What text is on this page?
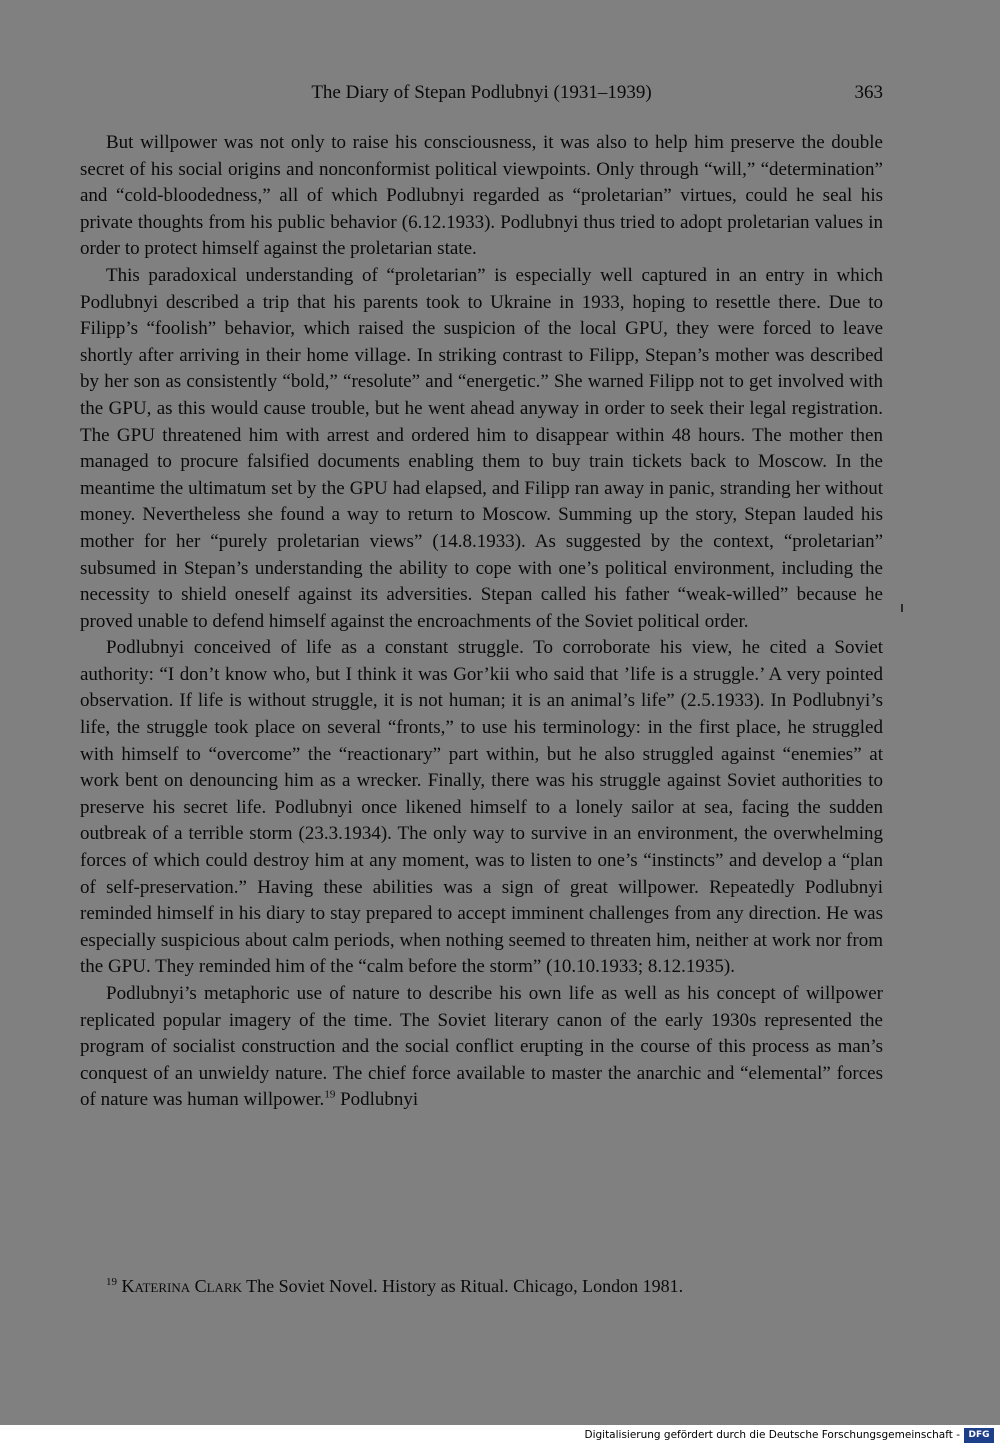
The Diary of Stepan Podlubnyi (1931–1939)	363

But willpower was not only to raise his consciousness, it was also to help him preserve the double secret of his social origins and nonconformist political viewpoints. Only through “will,” “determination” and “cold-bloodedness,” all of which Podlubnyi regarded as “proletarian” virtues, could he seal his private thoughts from his public behavior (6.12.1933). Podlubnyi thus tried to adopt proletarian values in order to protect himself against the proletarian state.

This paradoxical understanding of “proletarian” is especially well captured in an entry in which Podlubnyi described a trip that his parents took to Ukraine in 1933, hoping to resettle there. Due to Filipp’s “foolish” behavior, which raised the suspicion of the local GPU, they were forced to leave shortly after arriving in their home village. In striking contrast to Filipp, Stepan’s mother was described by her son as consistently “bold,” “resolute” and “energetic.” She warned Filipp not to get involved with the GPU, as this would cause trouble, but he went ahead anyway in order to seek their legal registration. The GPU threatened him with arrest and ordered him to disappear within 48 hours. The mother then managed to procure falsified documents enabling them to buy train tickets back to Moscow. In the meantime the ultimatum set by the GPU had elapsed, and Filipp ran away in panic, stranding her without money. Nevertheless she found a way to return to Moscow. Summing up the story, Stepan lauded his mother for her “purely proletarian views” (14.8.1933). As suggested by the context, “proletarian” subsumed in Stepan’s understanding the ability to cope with one’s political environment, including the necessity to shield oneself against its adversities. Stepan called his father “weak-willed” because he proved unable to defend himself against the encroachments of the Soviet political order.

Podlubnyi conceived of life as a constant struggle. To corroborate his view, he cited a Soviet authority: “I don’t know who, but I think it was Gor’kii who said that ’life is a struggle.’ A very pointed observation. If life is without struggle, it is not human; it is an animal’s life” (2.5.1933). In Podlubnyi’s life, the struggle took place on several “fronts,” to use his terminology: in the first place, he struggled with himself to “overcome” the “reactionary” part within, but he also struggled against “enemies” at work bent on denouncing him as a wrecker. Finally, there was his struggle against Soviet authorities to preserve his secret life. Podlubnyi once likened himself to a lonely sailor at sea, facing the sudden outbreak of a terrible storm (23.3.1934). The only way to survive in an environment, the overwhelming forces of which could destroy him at any moment, was to listen to one’s “instincts” and develop a “plan of self-preservation.” Having these abilities was a sign of great willpower. Repeatedly Podlubnyi reminded himself in his diary to stay prepared to accept imminent challenges from any direction. He was especially suspicious about calm periods, when nothing seemed to threaten him, neither at work nor from the GPU. They reminded him of the “calm before the storm” (10.10.1933; 8.12.1935).

Podlubnyi’s metaphoric use of nature to describe his own life as well as his concept of willpower replicated popular imagery of the time. The Soviet literary canon of the early 1930s represented the program of socialist construction and the social conflict erupting in the course of this process as man’s conquest of an unwieldy nature. The chief force available to master the anarchic and “elemental” forces of nature was human willpower.$^{19}$ Podlubnyi

$^{19}$ Katerina Clark The Soviet Novel. History as Ritual. Chicago, London 1981.
Digitalisierung gefördert durch die Deutsche Forschungsgemeinschaft - DFG
